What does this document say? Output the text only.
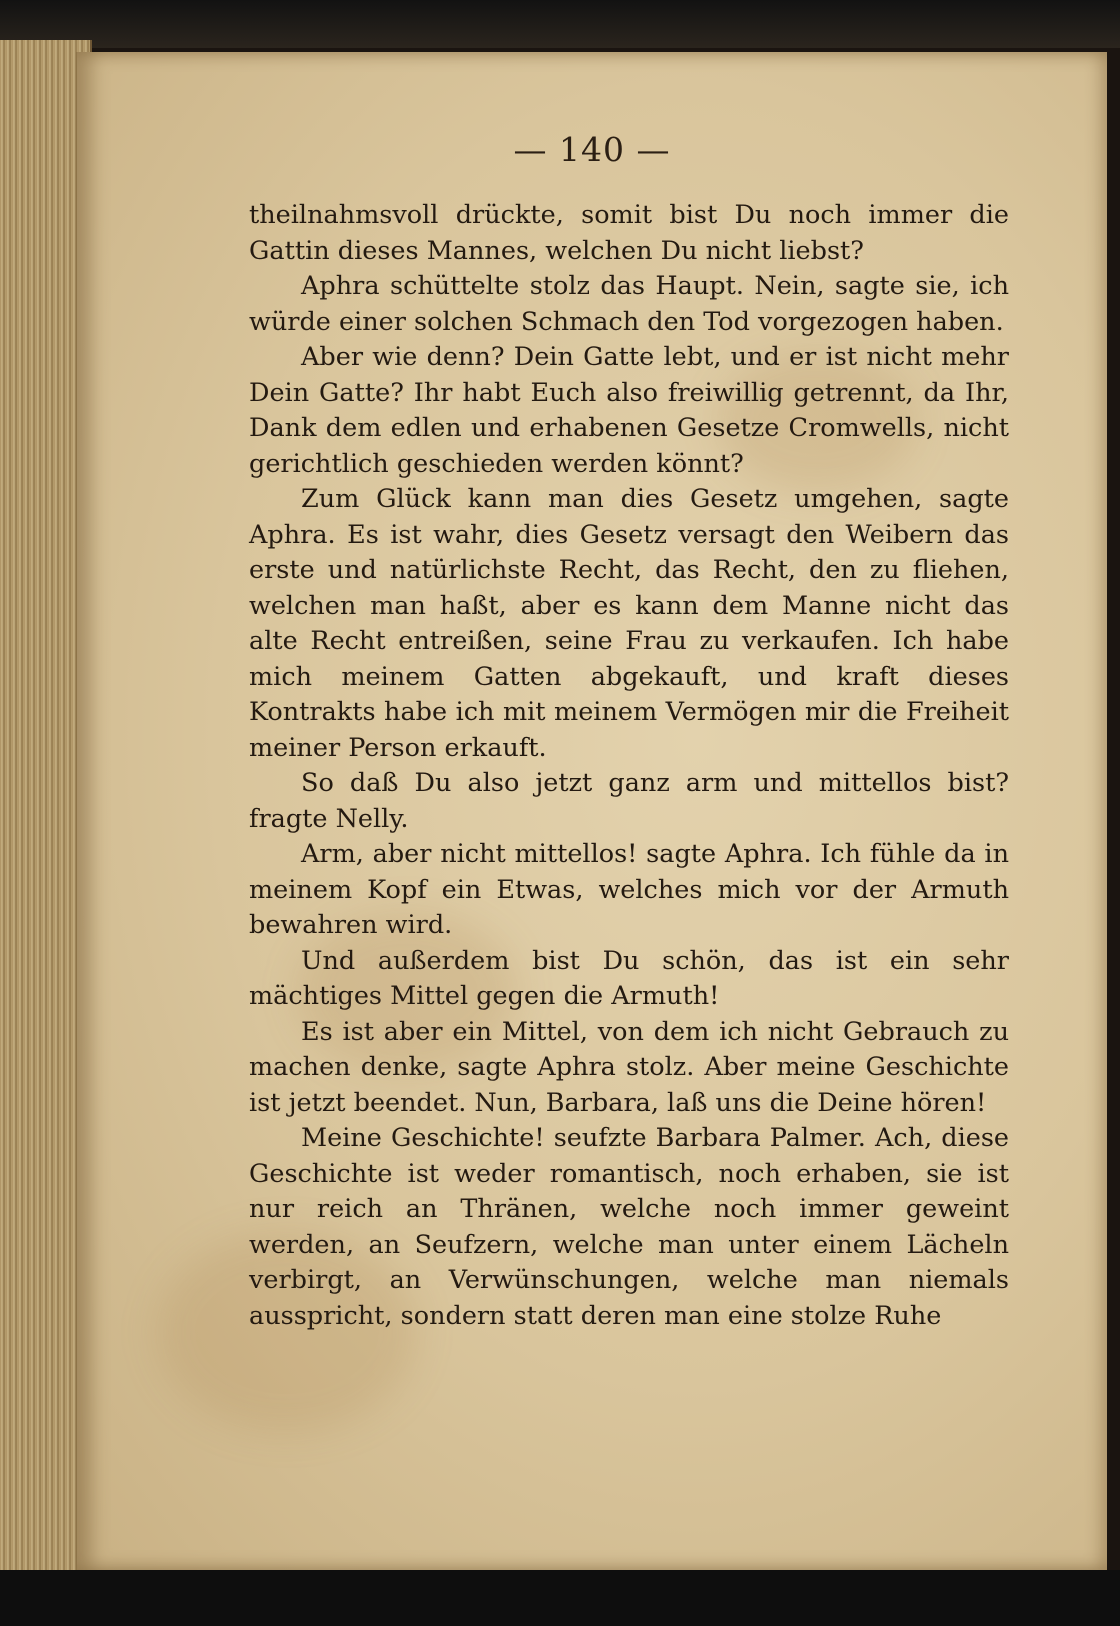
— 140 —

theilnahmsvoll drückte, somit bist Du noch immer die Gattin dieses Mannes, welchen Du nicht liebst?

Aphra schüttelte stolz das Haupt. Nein, sagte sie, ich würde einer solchen Schmach den Tod vorgezogen haben.

Aber wie denn? Dein Gatte lebt, und er ist nicht mehr Dein Gatte? Ihr habt Euch also freiwillig getrennt, da Ihr, Dank dem edlen und erhabenen Gesetze Cromwells, nicht gerichtlich geschieden werden könnt?

Zum Glück kann man dies Gesetz umgehen, sagte Aphra. Es ist wahr, dies Gesetz versagt den Weibern das erste und natürlichste Recht, das Recht, den zu fliehen, welchen man haßt, aber es kann dem Manne nicht das alte Recht entreißen, seine Frau zu verkaufen. Ich habe mich meinem Gatten abgekauft, und kraft dieses Kontrakts habe ich mit meinem Vermögen mir die Freiheit meiner Person erkauft.

So daß Du also jetzt ganz arm und mittellos bist? fragte Nelly.

Arm, aber nicht mittellos! sagte Aphra. Ich fühle da in meinem Kopf ein Etwas, welches mich vor der Armuth bewahren wird.

Und außerdem bist Du schön, das ist ein sehr mächtiges Mittel gegen die Armuth!

Es ist aber ein Mittel, von dem ich nicht Gebrauch zu machen denke, sagte Aphra stolz. Aber meine Geschichte ist jetzt beendet. Nun, Barbara, laß uns die Deine hören!

Meine Geschichte! seufzte Barbara Palmer. Ach, diese Geschichte ist weder romantisch, noch erhaben, sie ist nur reich an Thränen, welche noch immer geweint werden, an Seufzern, welche man unter einem Lächeln verbirgt, an Verwünschungen, welche man niemals ausspricht, sondern statt deren man eine stolze Ruhe
